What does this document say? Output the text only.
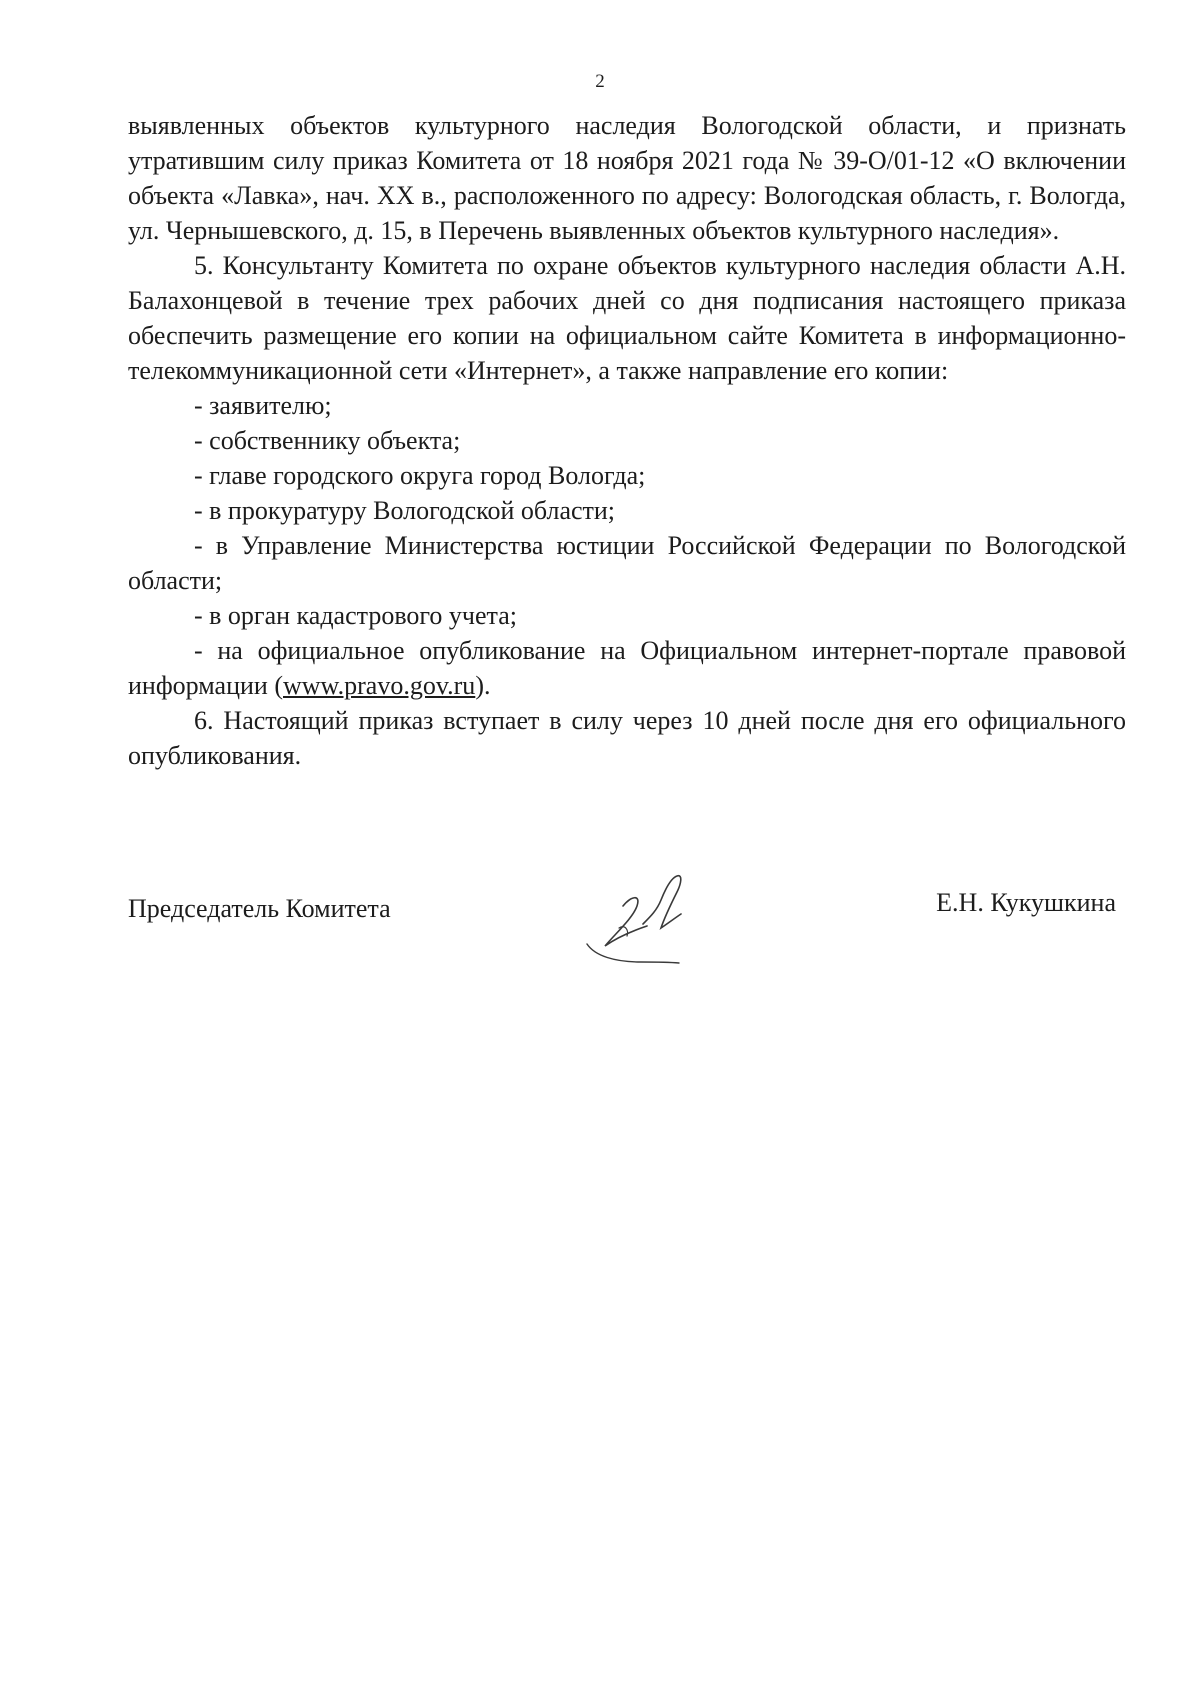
2

выявленных объектов культурного наследия Вологодской области, и признать утратившим силу приказ Комитета от 18 ноября 2021 года № 39-О/01-12 «О включении объекта «Лавка», нач. XX в., расположенного по адресу: Вологодская область, г. Вологда, ул. Чернышевского, д. 15, в Перечень выявленных объектов культурного наследия».

5. Консультанту Комитета по охране объектов культурного наследия области А.Н. Балахонцевой в течение трех рабочих дней со дня подписания настоящего приказа обеспечить размещение его копии на официальном сайте Комитета в информационно-телекоммуникационной сети «Интернет», а также направление его копии:

- заявителю;
- собственнику объекта;
- главе городского округа город Вологда;
- в прокуратуру Вологодской области;

- в Управление Министерства юстиции Российской Федерации по Вологодской области;

- в орган кадастрового учета;

- на официальное опубликование на Официальном интернет-портале правовой информации (www.pravo.gov.ru).

6. Настоящий приказ вступает в силу через 10 дней после дня его официального опубликования.

Председатель Комитета	Е.Н. Кукушкина
